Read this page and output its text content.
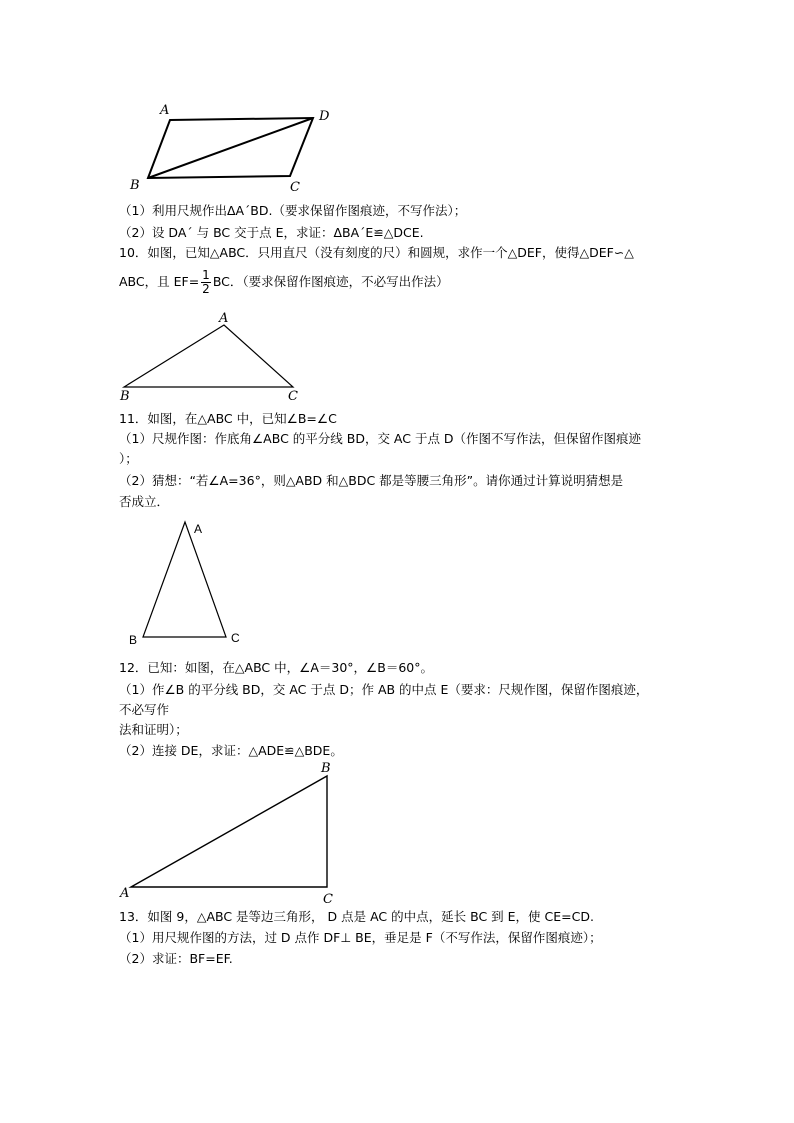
A	D
B	C
（1）利用尺规作出ΔA´BD.（要求保留作图痕迹，不写作法）；
（2）设 DA´ 与 BC 交于点 E，求证：ΔBA´E≌△DCE.
10．如图，已知△ABC．只用直尺（没有刻度的尺）和圆规，求作一个△DEF，使得△DEF∽△
ABC，且 $EF= \frac{1}{2}$ BC．（要求保留作图痕迹，不必写出作法）
A
B	C
11．如图，在△ABC 中，已知∠B=∠C
（1）尺规作图：作底角∠ABC 的平分线 BD，交 AC 于点 D（作图不写作法，但保留作图痕迹
）；
（2）猜想：“若∠A=36°，则△ABD 和△BDC 都是等腰三角形”。请你通过计算说明猜想是
否成立．
A
B	C
12．已知：如图，在△ABC 中，∠A＝30°，∠B＝60°。
（1）作∠B 的平分线 BD，交 AC 于点 D；作 AB 的中点 E（要求：尺规作图，保留作图痕迹，
不必写作
法和证明）；
（2）连接 DE，求证：△ADE≌△BDE。
B
A	C
13．如图 9，△ABC 是等边三角形， D 点是 AC 的中点，延长 BC 到 E，使 CE=CD.
（1）用尺规作图的方法，过 D 点作 DF⊥ BE，垂足是 F（不写作法，保留作图痕迹）；
（2）求证：BF=EF.
